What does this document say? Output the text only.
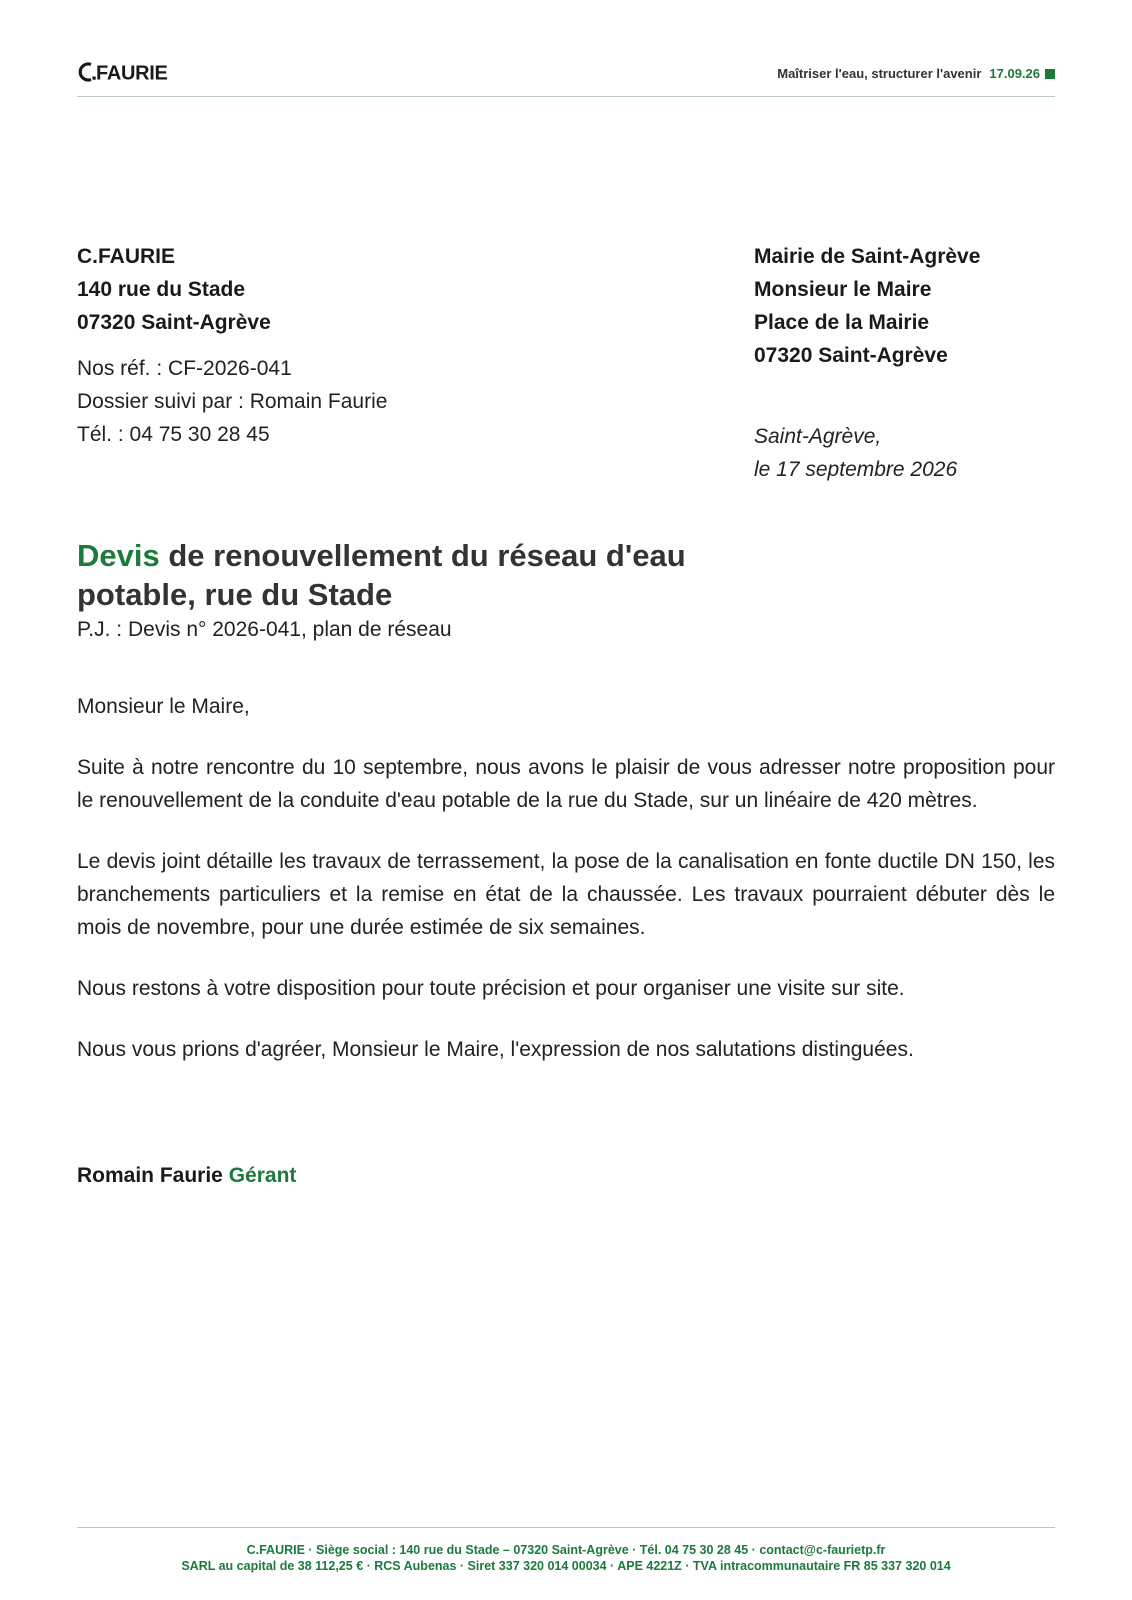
FAURIE	Maîtriser l'eau, structurer l'avenir 17.09.26
C.FAURIE
140 rue du Stade
07320 Saint-Agrève
Nos réf. : CF-2026-041
Dossier suivi par : Romain Faurie
Tél. : 04 75 30 28 45
Mairie de Saint-Agrève
Monsieur le Maire
Place de la Mairie
07320 Saint-Agrève
Saint-Agrève,
le 17 septembre 2026
Devis de renouvellement du réseau d'eau potable, rue du Stade
P.J. : Devis n° 2026-041, plan de réseau

Monsieur le Maire,

Suite à notre rencontre du 10 septembre, nous avons le plaisir de vous adresser notre proposition pour le renouvellement de la conduite d'eau potable de la rue du Stade, sur un linéaire de 420 mètres.

Le devis joint détaille les travaux de terrassement, la pose de la canalisation en fonte ductile DN 150, les branchements particuliers et la remise en état de la chaussée. Les travaux pourraient débuter dès le mois de novembre, pour une durée estimée de six semaines.

Nous restons à votre disposition pour toute précision et pour organiser une visite sur site.

Nous vous prions d'agréer, Monsieur le Maire, l'expression de nos salutations distinguées.

Romain Faurie Gérant
C.FAURIE · Siège social : 140 rue du Stade – 07320 Saint-Agrève · Tél. 04 75 30 28 45 · contact@c-faurietp.fr
SARL au capital de 38 112,25 € · RCS Aubenas · Siret 337 320 014 00034 · APE 4221Z · TVA intracommunautaire FR 85 337 320 014
